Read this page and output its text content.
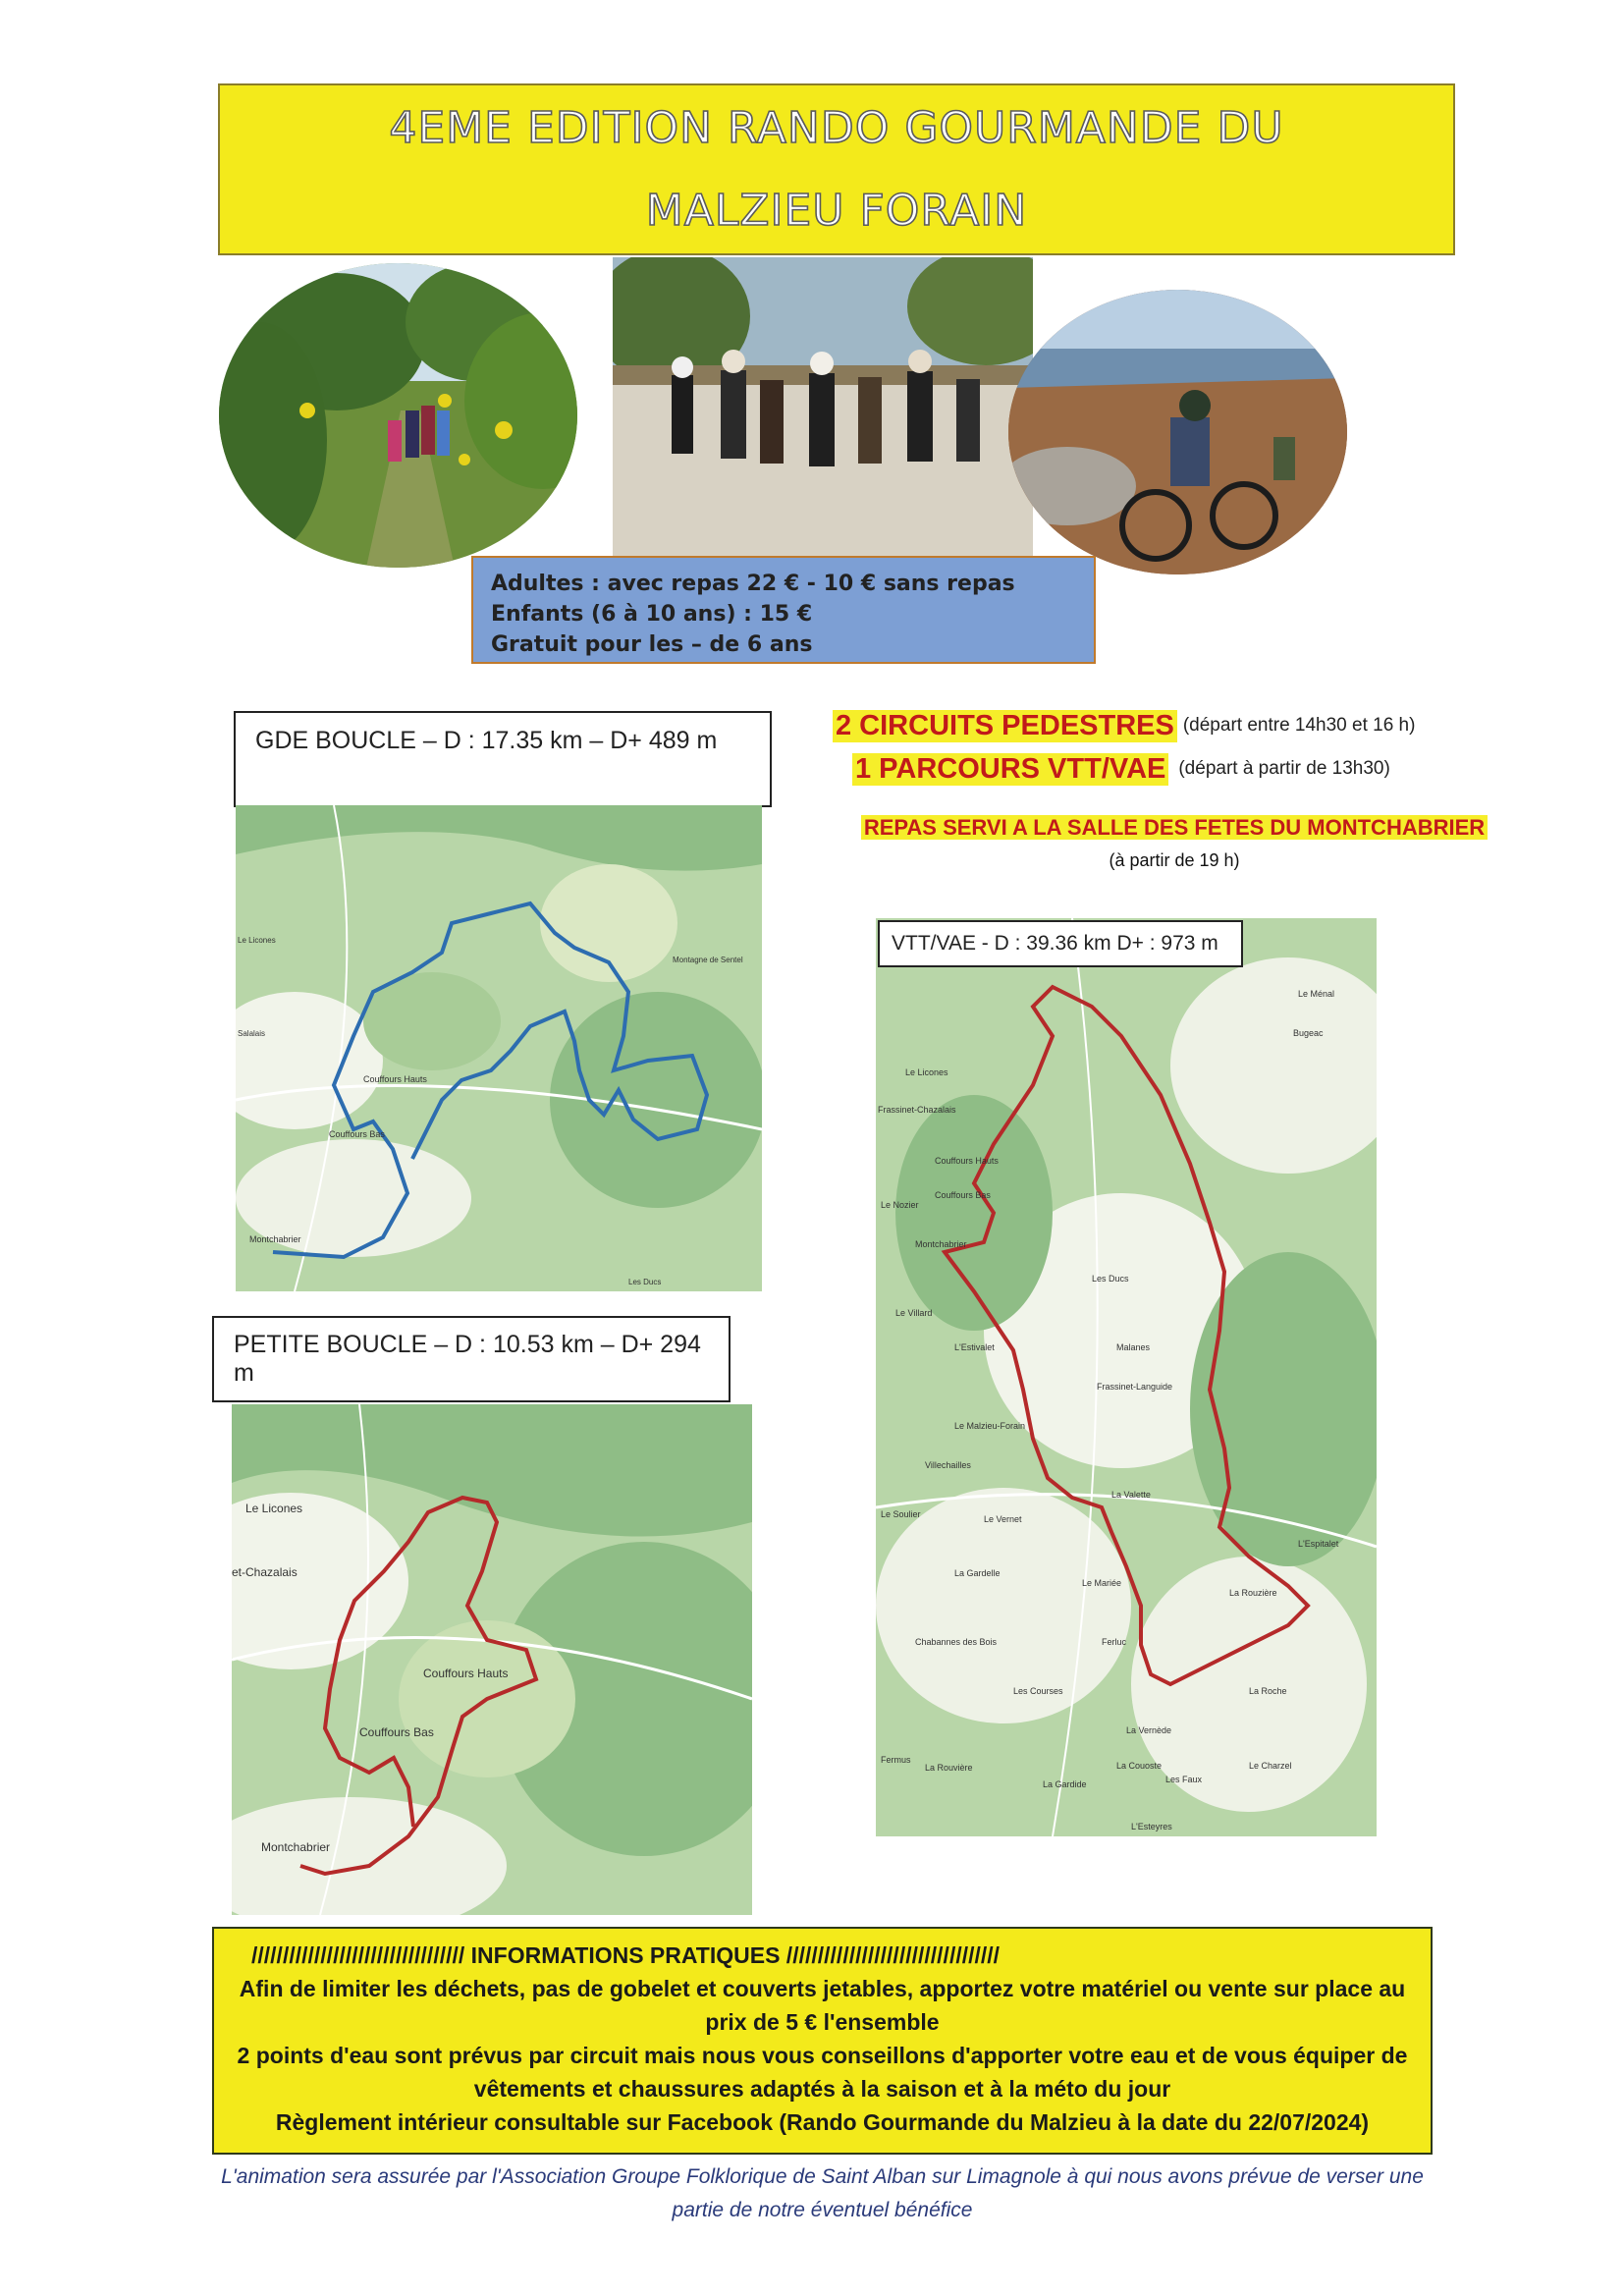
4EME EDITION RANDO GOURMANDE DU
MALZIEU FORAIN
Adultes : avec repas 22 € - 10 € sans repas
Enfants (6 à 10 ans) : 15 €
Gratuit pour les – de 6 ans
2 CIRCUITS PEDESTRES (départ entre 14h30 et 16 h)
1 PARCOURS VTT/VAE (départ à partir de 13h30)
REPAS SERVI A LA SALLE DES FETES DU MONTCHABRIER
(à partir de 19 h)
GDE BOUCLE – D : 17.35 km – D+ 489 m
Couffours Hauts
Couffours Bas
Montchabrier
Montagne de Sentel
Les Ducs
Le Licones
Salalais
PETITE BOUCLE – D : 10.53 km – D+ 294 m
Le Licones
et-Chazalais
Couffours Hauts
Couffours Bas
Montchabrier
Le Ménal
Bugeac
Le Licones
Frassinet-Chazalais
Couffours Hauts
Couffours Bas
Le Nozier
Montchabrier
Le Villard
L'Estivalet
Les Ducs
Malanes
Frassinet-Languide
Le Malzieu-Forain
Villechailles
La Valette
Le Soulier	Le Vernet
La Gardelle
Le Mariée
L'Espitalet
La Rouzière
Chabannes des Bois	Ferluc
La Roche
Les Courses
La Vernède
Fermus
La Rouvière	La Couoste	Le Charzel
La Gardide	Les Faux
L'Esteyres
VTT/VAE - D : 39.36 km D+ : 973 m
////////////////////////////////// INFORMATIONS PRATIQUES //////////////////////////////////
Afin de limiter les déchets, pas de gobelet et couverts jetables, apportez votre matériel ou vente sur place au prix de 5 € l'ensemble
2 points d'eau sont prévus par circuit mais nous vous conseillons d'apporter votre eau et de vous équiper de vêtements et chaussures adaptés à la saison et à la méto du jour
Règlement intérieur consultable sur Facebook (Rando Gourmande du Malzieu à la date du 22/07/2024)
L'animation sera assurée par l'Association Groupe Folklorique de Saint Alban sur Limagnole à qui nous avons prévue de verser une partie de notre éventuel bénéfice
